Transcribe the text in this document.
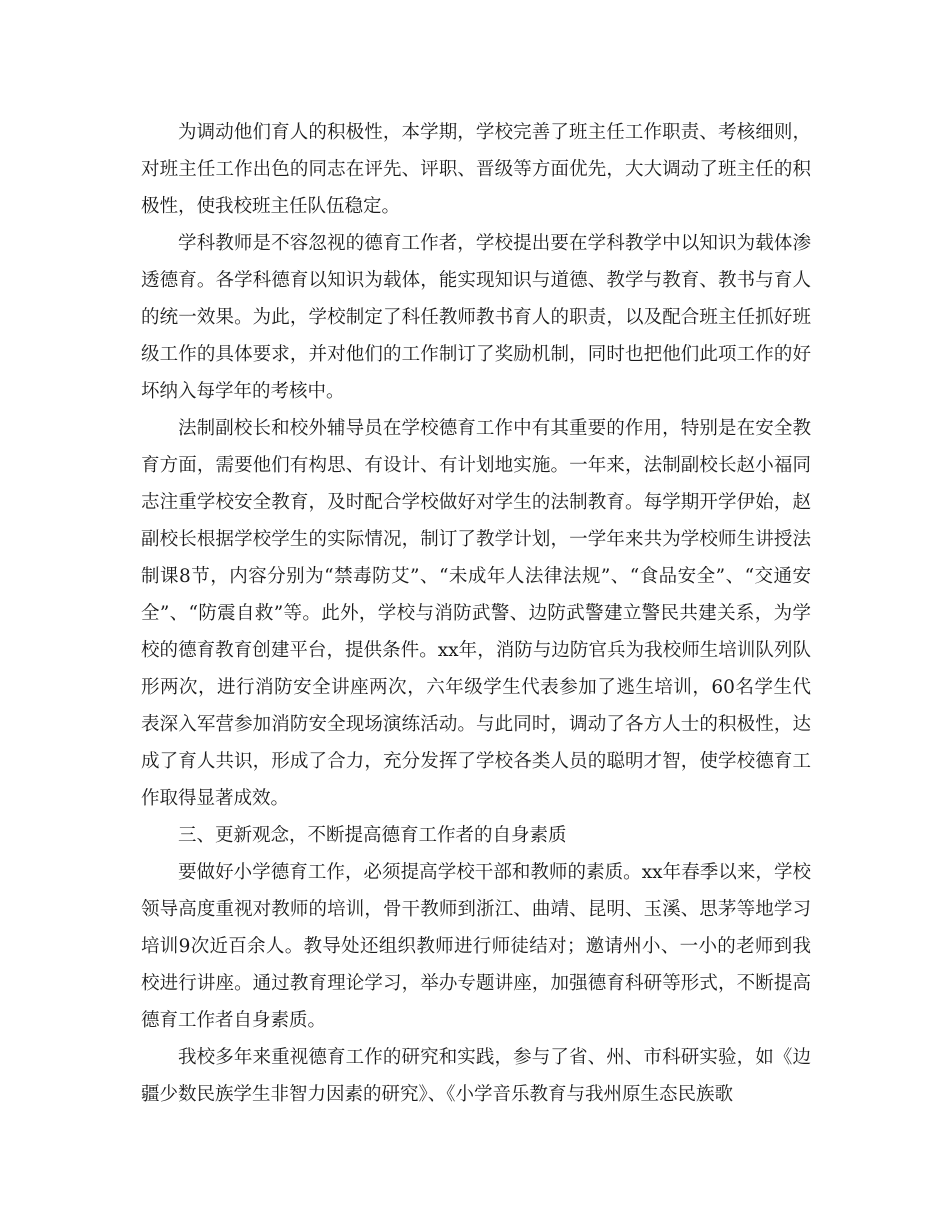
为调动他们育人的积极性，本学期，学校完善了班主任工作职责、考核细则，对班主任工作出色的同志在评先、评职、晋级等方面优先，大大调动了班主任的积极性，使我校班主任队伍稳定。

学科教师是不容忽视的德育工作者，学校提出要在学科教学中以知识为载体渗透德育。各学科德育以知识为载体，能实现知识与道德、教学与教育、教书与育人的统一效果。为此，学校制定了科任教师教书育人的职责，以及配合班主任抓好班级工作的具体要求，并对他们的工作制订了奖励机制，同时也把他们此项工作的好坏纳入每学年的考核中。

法制副校长和校外辅导员在学校德育工作中有其重要的作用，特别是在安全教育方面，需要他们有构思、有设计、有计划地实施。一年来，法制副校长赵小福同志注重学校安全教育，及时配合学校做好对学生的法制教育。每学期开学伊始，赵副校长根据学校学生的实际情况，制订了教学计划，一学年来共为学校师生讲授法制课8节，内容分别为“禁毒防艾”、“未成年人法律法规”、“食品安全”、“交通安全”、“防震自救”等。此外，学校与消防武警、边防武警建立警民共建关系，为学校的德育教育创建平台，提供条件。xx年，消防与边防官兵为我校师生培训队列队形两次，进行消防安全讲座两次，六年级学生代表参加了逃生培训，60名学生代表深入军营参加消防安全现场演练活动。与此同时，调动了各方人士的积极性，达成了育人共识，形成了合力，充分发挥了学校各类人员的聪明才智，使学校德育工作取得显著成效。

三、更新观念，不断提高德育工作者的自身素质

要做好小学德育工作，必须提高学校干部和教师的素质。xx年春季以来，学校领导高度重视对教师的培训，骨干教师到浙江、曲靖、昆明、玉溪、思茅等地学习培训9次近百余人。教导处还组织教师进行师徒结对；邀请州小、一小的老师到我校进行讲座。通过教育理论学习，举办专题讲座，加强德育科研等形式，不断提高德育工作者自身素质。

我校多年来重视德育工作的研究和实践，参与了省、州、市科研实验，如《边疆少数民族学生非智力因素的研究》、《小学音乐教育与我州原生态民族歌
